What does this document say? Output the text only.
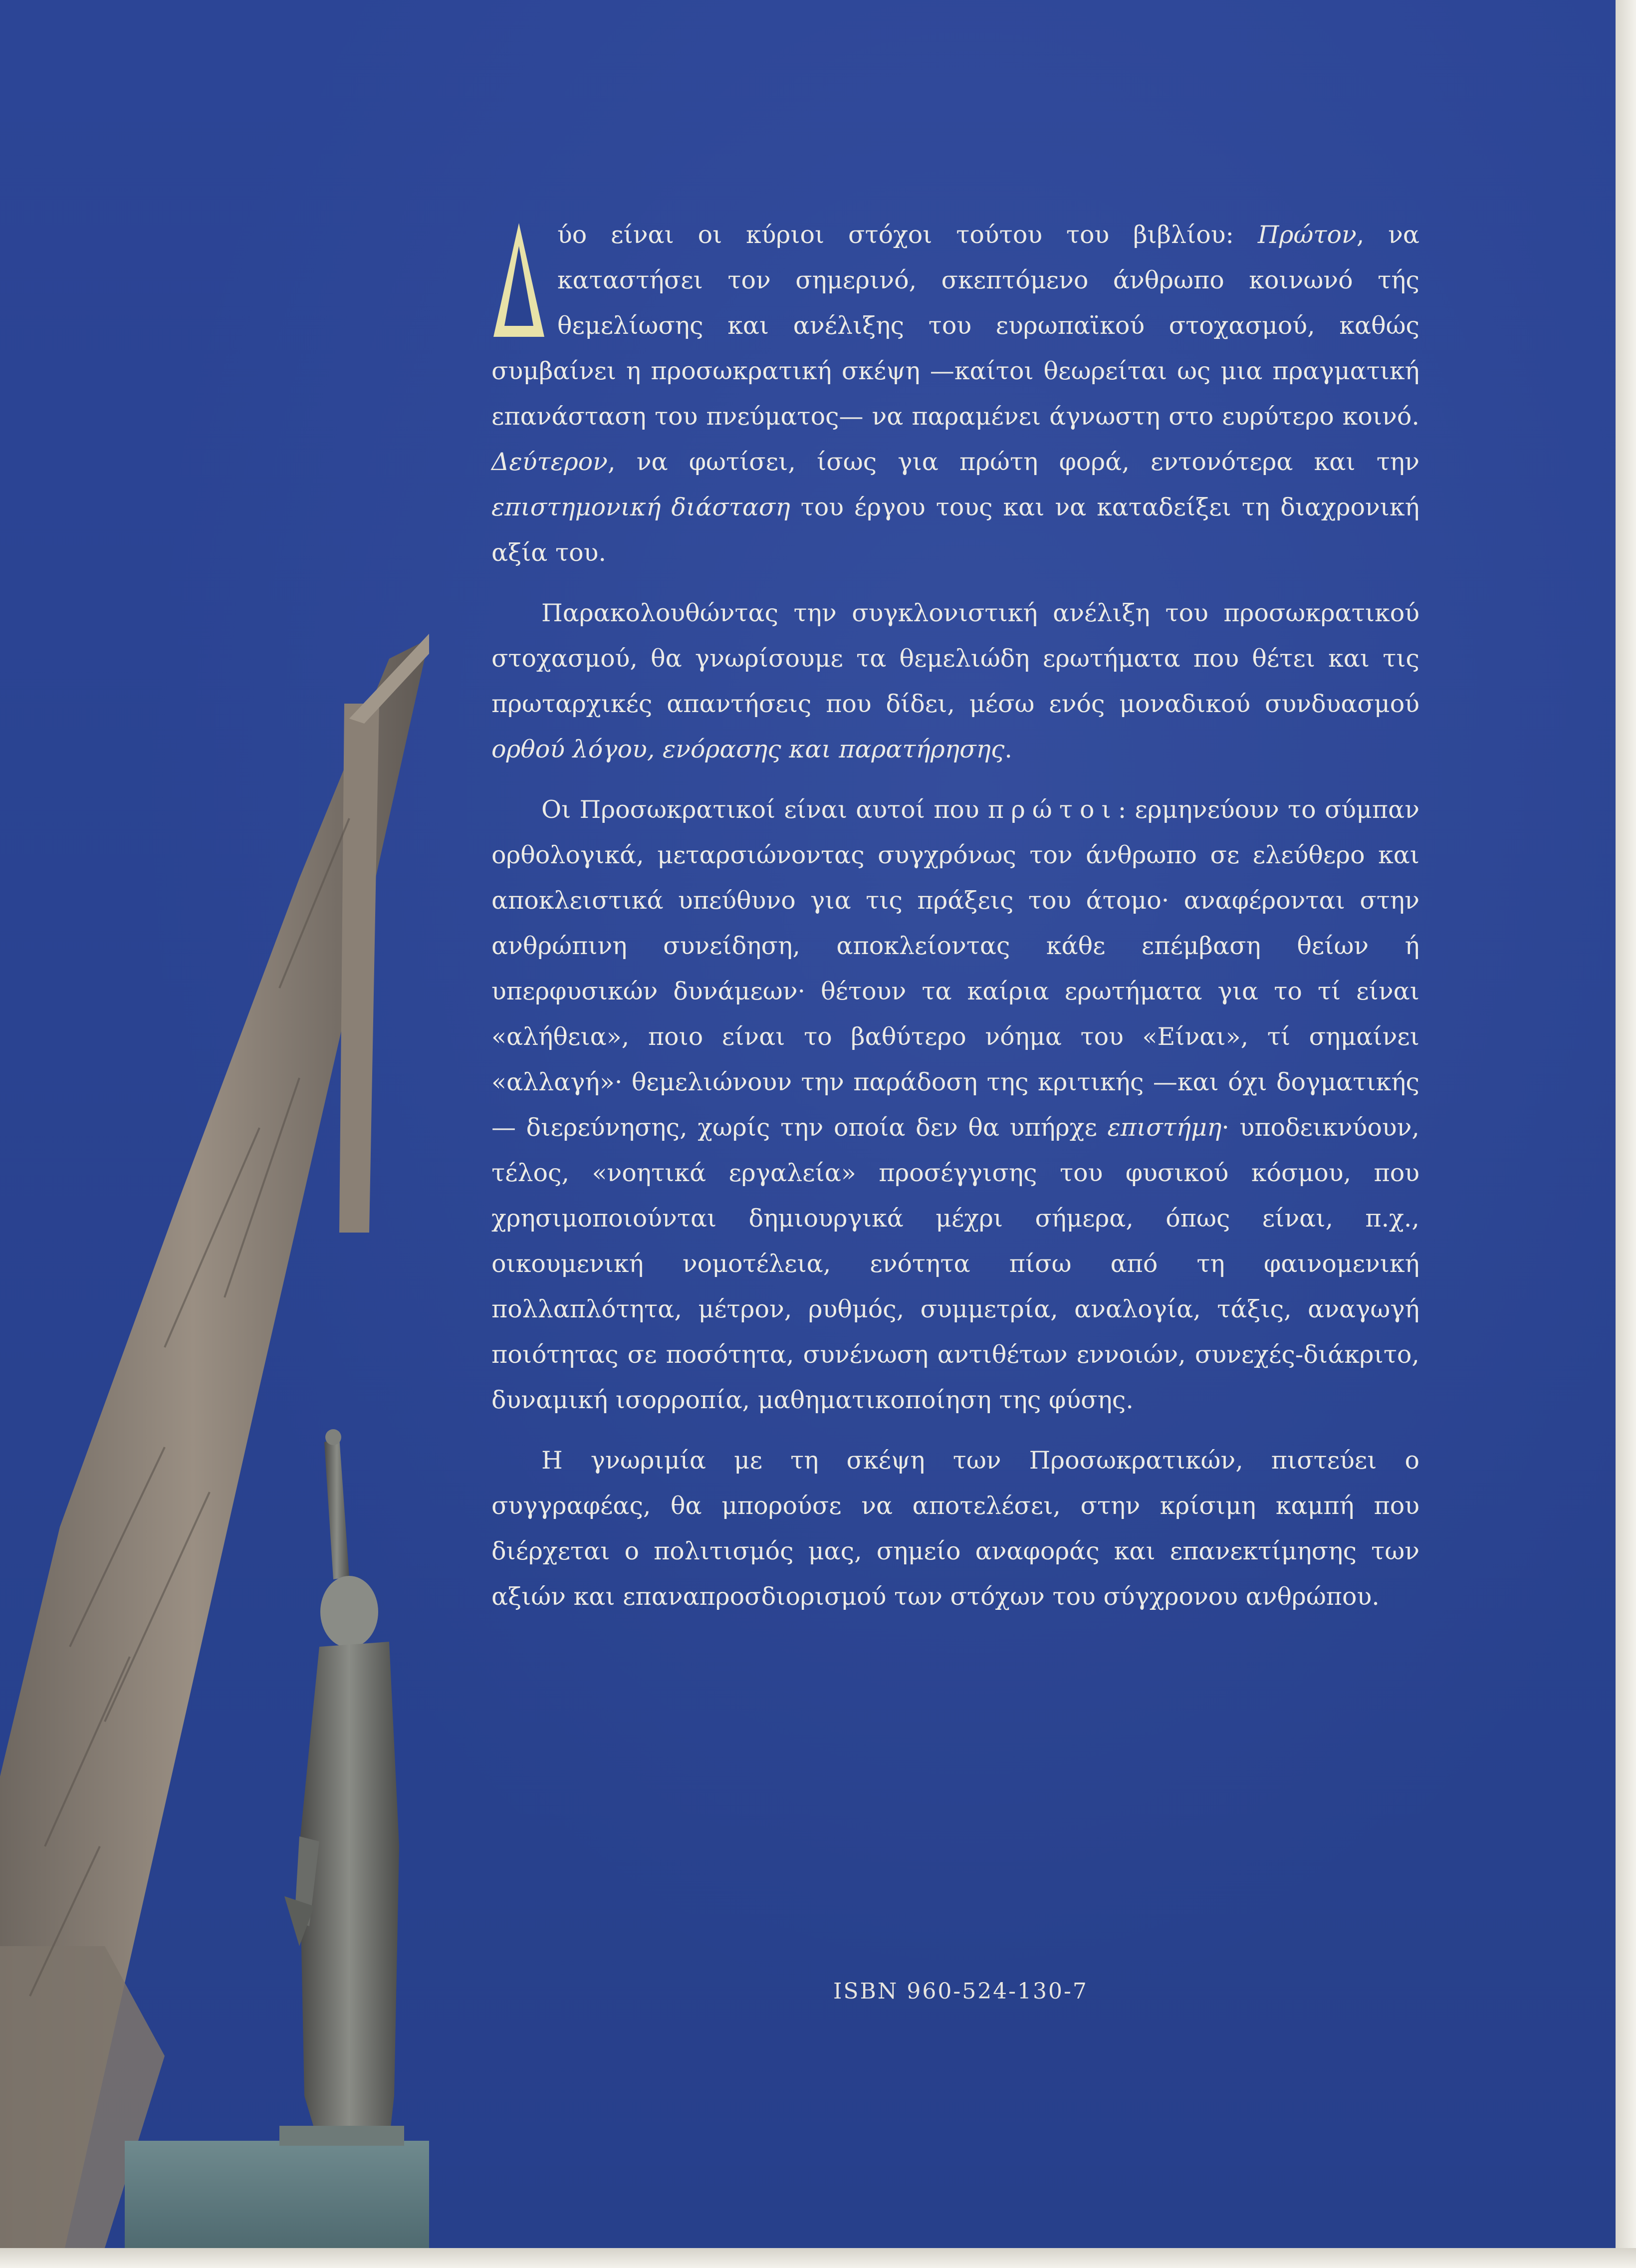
ύο είναι οι κύριοι στόχοι τούτου του βιβλίου: Πρώτον, να καταστήσει τον σημερινό, σκεπτόμενο άνθρωπο κοινωνό τής θεμελίωσης και ανέλιξης του ευρωπαϊκού στοχασμού, καθώς συμβαίνει η προσωκρατική σκέψη —καίτοι θεωρείται ως μια πραγματική επανάσταση του πνεύματος— να παραμένει άγνωστη στο ευρύτερο κοινό. Δεύτερον, να φωτίσει, ίσως για πρώτη φορά, εντονότερα και την επιστημονική διάσταση του έργου τους και να καταδείξει τη διαχρονική αξία του.

Παρακολουθώντας την συγκλονιστική ανέλιξη του προσωκρατικού στοχασμού, θα γνωρίσουμε τα θεμελιώδη ερωτήματα που θέτει και τις πρωταρχικές απαντήσεις που δίδει, μέσω ενός μοναδικού συνδυασμού ορθού λόγου, ενόρασης και παρατήρησης.

Οι Προσωκρατικοί είναι αυτοί που πρώτοι: ερμηνεύουν το σύμπαν ορθολογικά, μεταρσιώνοντας συγχρόνως τον άνθρωπο σε ελεύθερο και αποκλειστικά υπεύθυνο για τις πράξεις του άτομο· αναφέρονται στην ανθρώπινη συνείδηση, αποκλείοντας κάθε επέμβαση θείων ή υπερφυσικών δυνάμεων· θέτουν τα καίρια ερωτήματα για το τί είναι «αλήθεια», ποιο είναι το βαθύτερο νόημα του «Είναι», τί σημαίνει «αλλαγή»· θεμελιώνουν την παράδοση της κριτικής —και όχι δογματικής— διερεύνησης, χωρίς την οποία δεν θα υπήρχε επιστήμη· υποδεικνύουν, τέλος, «νοητικά εργαλεία» προσέγγισης του φυσικού κόσμου, που χρησιμοποιούνται δημιουργικά μέχρι σήμερα, όπως είναι, π.χ., οικουμενική νομοτέλεια, ενότητα πίσω από τη φαινομενική πολλαπλότητα, μέτρον, ρυθμός, συμμετρία, αναλογία, τάξις, αναγωγή ποιότητας σε ποσότητα, συνένωση αντιθέτων εννοιών, συνεχές-διάκριτο, δυναμική ισορροπία, μαθηματικοποίηση της φύσης.

Η γνωριμία με τη σκέψη των Προσωκρατικών, πιστεύει ο συγγραφέας, θα μπορούσε να αποτελέσει, στην κρίσιμη καμπή που διέρχεται ο πολιτισμός μας, σημείο αναφοράς και επανεκτίμησης των αξιών και επαναπροσδιορισμού των στόχων του σύγχρονου ανθρώπου.

ISBN 960-524-130-7
